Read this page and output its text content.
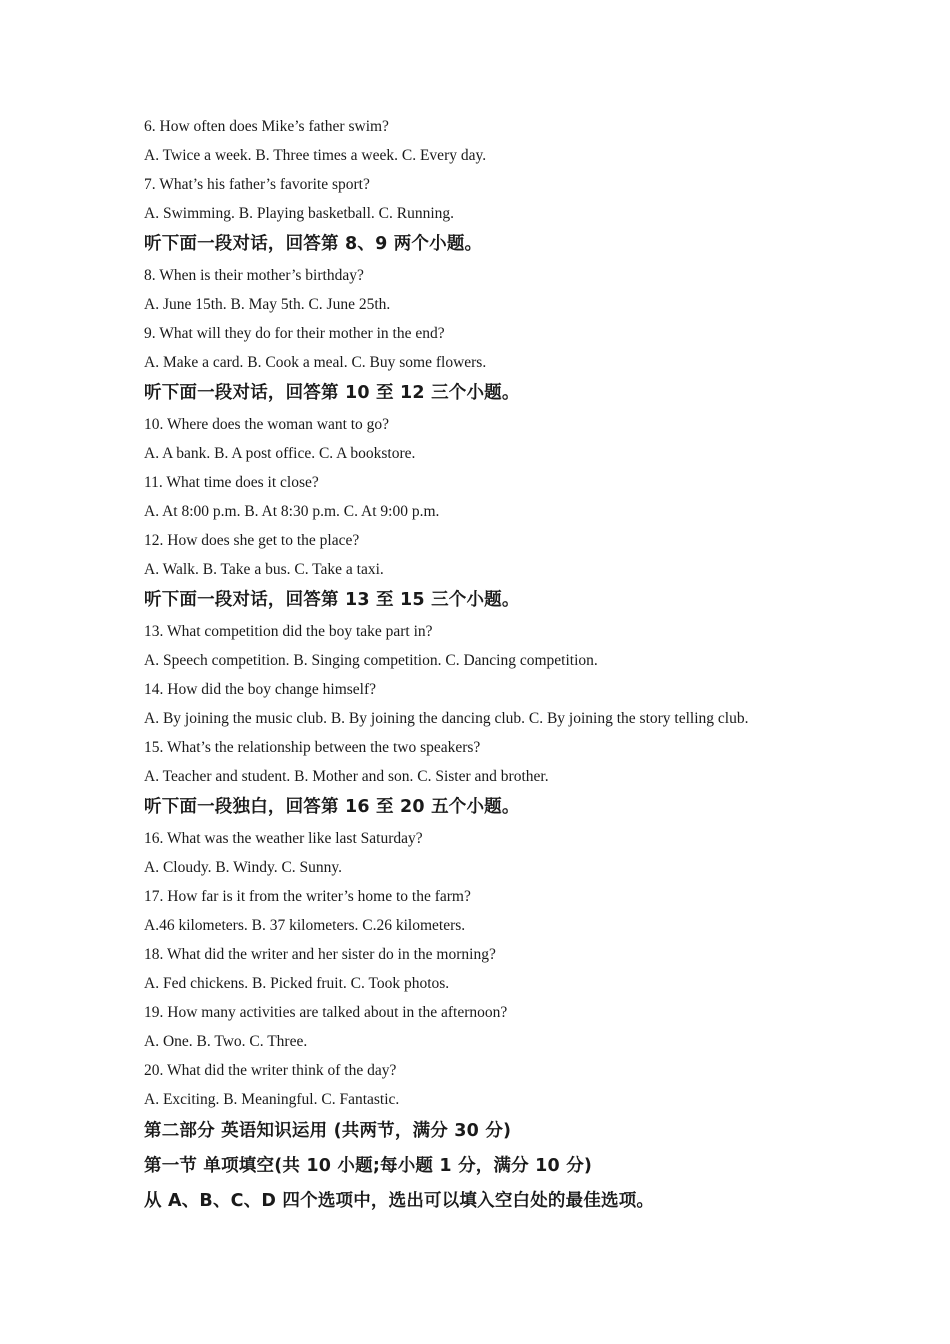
6. How often does Mike’s father swim?
A. Twice a week. B. Three times a week. C. Every day.
7. What’s his father’s favorite sport?
A. Swimming. B. Playing basketball. C. Running.
听下面一段对话，回答第 8、9 两个小题。
8. When is their mother’s birthday?
A. June 15th. B. May 5th. C. June 25th.
9. What will they do for their mother in the end?
A. Make a card. B. Cook a meal. C. Buy some flowers.
听下面一段对话，回答第 10 至 12 三个小题。
10. Where does the woman want to go?
A. A bank. B. A post office. C. A bookstore.
11. What time does it close?
A. At 8:00 p.m. B. At 8:30 p.m. C. At 9:00 p.m.
12. How does she get to the place?
A. Walk. B. Take a bus. C. Take a taxi.
听下面一段对话，回答第 13 至 15 三个小题。
13. What competition did the boy take part in?
A. Speech competition. B. Singing competition. C. Dancing competition.
14. How did the boy change himself?
A. By joining the music club. B. By joining the dancing club. C. By joining the story telling club.
15. What’s the relationship between the two speakers?
A. Teacher and student. B. Mother and son. C. Sister and brother.
听下面一段独白，回答第 16 至 20 五个小题。
16. What was the weather like last Saturday?
A. Cloudy. B. Windy. C. Sunny.
17. How far is it from the writer’s home to the farm?
A.46 kilometers. B. 37 kilometers. C.26 kilometers.
18. What did the writer and her sister do in the morning?
A. Fed chickens. B. Picked fruit. C. Took photos.
19. How many activities are talked about in the afternoon?
A. One. B. Two. C. Three.
20. What did the writer think of the day?
A. Exciting. B. Meaningful. C. Fantastic.
第二部分 英语知识运用 (共两节，满分 30 分)
第一节 单项填空(共 10 小题;每小题 1 分，满分 10 分)
从 A、B、C、D 四个选项中，选出可以填入空白处的最佳选项。
